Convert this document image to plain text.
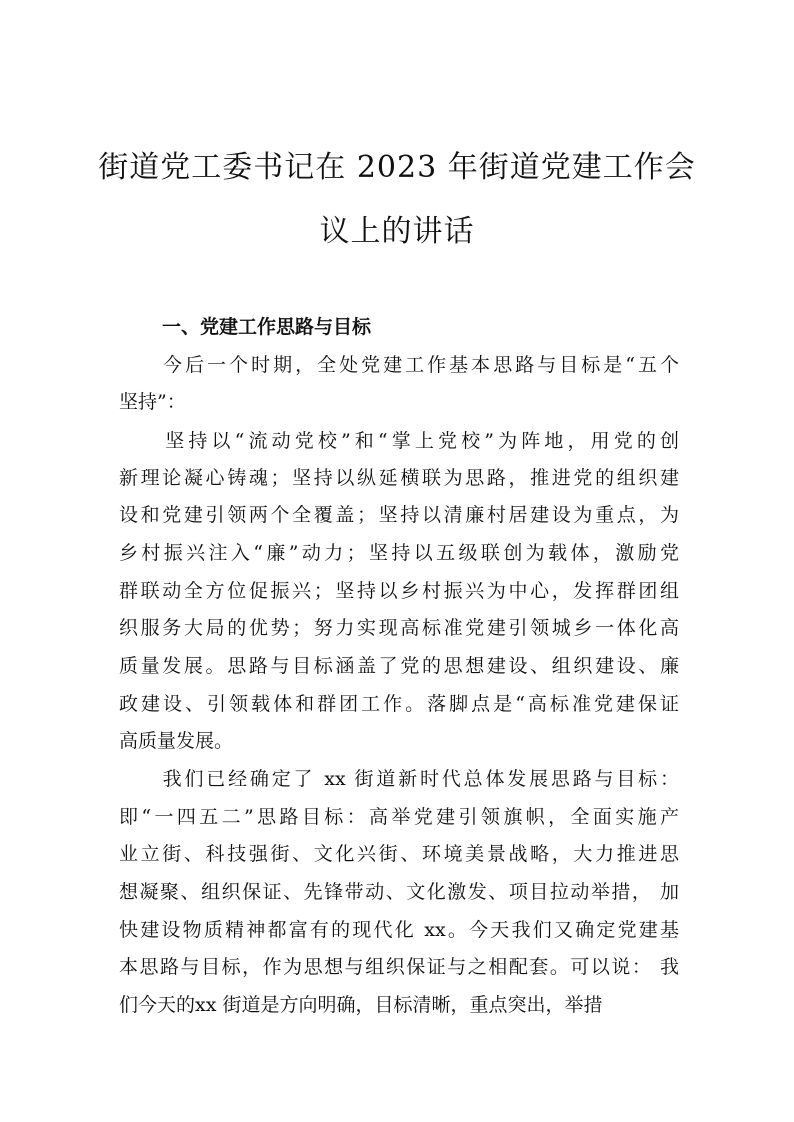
街道党工委书记在 2023 年街道党建工作会
议上的讲话
一、党建工作思路与目标
　　今后一个时期，全处党建工作基本思路与目标是“五个
坚持”：
　　坚持以“流动党校”和“掌上党校”为阵地，用党的创
新理论凝心铸魂；坚持以纵延横联为思路，推进党的组织建
设和党建引领两个全覆盖；坚持以清廉村居建设为重点，为
乡村振兴注入“廉”动力；坚持以五级联创为载体，激励党
群联动全方位促振兴；坚持以乡村振兴为中心，发挥群团组
织服务大局的优势；努力实现高标准党建引领城乡一体化高
质量发展。思路与目标涵盖了党的思想建设、组织建设、廉
政建设、引领载体和群团工作。落脚点是“高标准党建保证
高质量发展。
　　我们已经确定了 xx 街道新时代总体发展思路与目标：
即“一四五二”思路目标：高举党建引领旗帜，全面实施产
业立街、科技强街、文化兴街、环境美景战略，大力推进思
想凝聚、组织保证、先锋带动、文化激发、项目拉动举措， 加
快建设物质精神都富有的现代化 xx。今天我们又确定党建基
本思路与目标，作为思想与组织保证与之相配套。可以说： 我
们今天的xx 街道是方向明确，目标清晰，重点突出，举措
